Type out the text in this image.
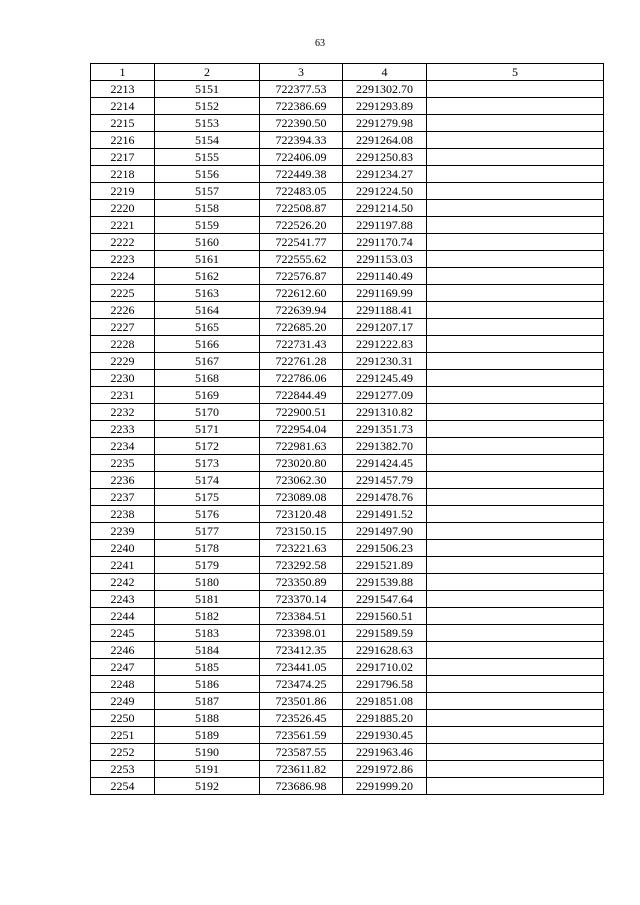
63
1	2	3	4	5
2213	5151	722377.53	2291302.70	
2214	5152	722386.69	2291293.89	
2215	5153	722390.50	2291279.98	
2216	5154	722394.33	2291264.08	
2217	5155	722406.09	2291250.83	
2218	5156	722449.38	2291234.27	
2219	5157	722483.05	2291224.50	
2220	5158	722508.87	2291214.50	
2221	5159	722526.20	2291197.88	
2222	5160	722541.77	2291170.74	
2223	5161	722555.62	2291153.03	
2224	5162	722576.87	2291140.49	
2225	5163	722612.60	2291169.99	
2226	5164	722639.94	2291188.41	
2227	5165	722685.20	2291207.17	
2228	5166	722731.43	2291222.83	
2229	5167	722761.28	2291230.31	
2230	5168	722786.06	2291245.49	
2231	5169	722844.49	2291277.09	
2232	5170	722900.51	2291310.82	
2233	5171	722954.04	2291351.73	
2234	5172	722981.63	2291382.70	
2235	5173	723020.80	2291424.45	
2236	5174	723062.30	2291457.79	
2237	5175	723089.08	2291478.76	
2238	5176	723120.48	2291491.52	
2239	5177	723150.15	2291497.90	
2240	5178	723221.63	2291506.23	
2241	5179	723292.58	2291521.89	
2242	5180	723350.89	2291539.88	
2243	5181	723370.14	2291547.64	
2244	5182	723384.51	2291560.51	
2245	5183	723398.01	2291589.59	
2246	5184	723412.35	2291628.63	
2247	5185	723441.05	2291710.02	
2248	5186	723474.25	2291796.58	
2249	5187	723501.86	2291851.08	
2250	5188	723526.45	2291885.20	
2251	5189	723561.59	2291930.45	
2252	5190	723587.55	2291963.46	
2253	5191	723611.82	2291972.86	
2254	5192	723686.98	2291999.20	
